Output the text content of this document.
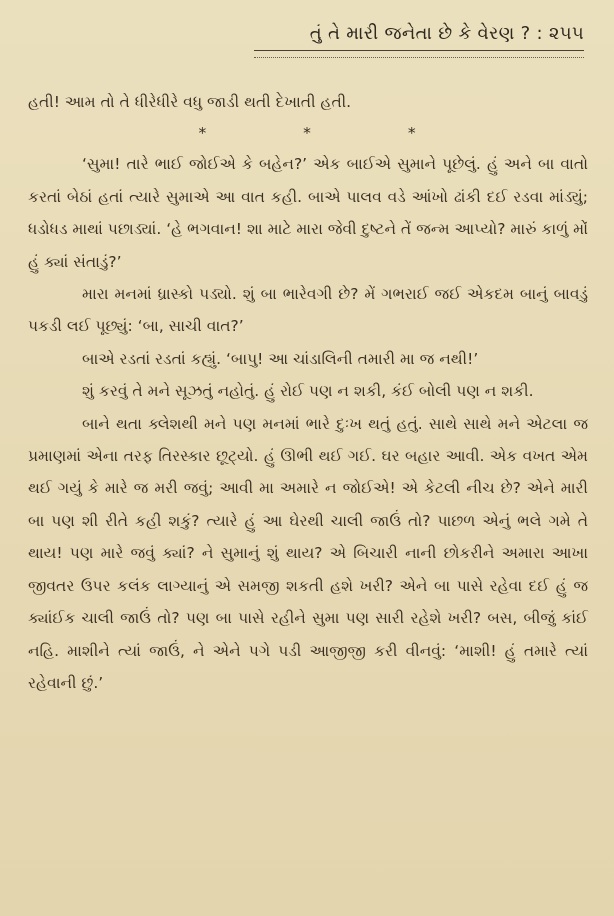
તું તે મારી જનેતા છે કે વેરણ ? : ૨૫૫

હતી! આમ તો તે ધીરેધીરે વધુ જાડી થતી દેખાતી હતી.

*	*	*

‘સુમા! તારે ભાઈ જોઈએ કે બહેન?’ એક બાઈએ સુમાને પૂછેલું. હું અને બા વાતો કરતાં બેઠાં હતાં ત્યારે સુમાએ આ વાત કહી. બાએ પાલવ વડે આંખો ઢાંકી દઈ રડવા માંડ્યું; ધડોધડ માથાં પછાડ્યાં. ‘હે ભગવાન! શા માટે મારા જેવી દુષ્ટને તેં જન્મ આપ્યો? મારું કાળું મોં હું ક્યાં સંતાડું?’

મારા મનમાં ધ્રાસ્કો પડ્યો. શું બા ભારેવગી છે? મેં ગભરાઈ જઈ એકદમ બાનું બાવડું પકડી લઈ પૂછ્યું: ‘બા, સાચી વાત?’

બાએ રડતાં રડતાં કહ્યું. ‘બાપુ! આ ચાંડાલિની તમારી મા જ નથી!’

શું કરવું તે મને સૂઝતું નહોતું. હું રોઈ પણ ન શકી, કંઈ બોલી પણ ન શકી.

બાને થતા ક્લેશથી મને પણ મનમાં ભારે દુઃખ થતું હતું. સાથે સાથે મને એટલા જ પ્રમાણમાં એના તરફ તિરસ્કાર છૂટ્યો. હું ઊભી થઈ ગઈ. ઘર બહાર આવી. એક વખત એમ થઈ ગયું કે મારે જ મરી જવું; આવી મા અમારે ન જોઈએ! એ કેટલી નીચ છે? એને મારી બા પણ શી રીતે કહી શકું? ત્યારે હું આ ઘેરથી ચાલી જાઉં તો? પાછળ એનું ભલે ગમે તે થાય! પણ મારે જવું ક્યાં? ને સુમાનું શું થાય? એ બિચારી નાની છોકરીને અમારા આખા જીવતર ઉપર કલંક લાગ્યાનું એ સમજી શકતી હશે ખરી? એને બા પાસે રહેવા દઈ હું જ ક્યાંઈક ચાલી જાઉં તો? પણ બા પાસે રહીને સુમા પણ સારી રહેશે ખરી? બસ, બીજું કાંઈ નહિ. માશીને ત્યાં જાઉં, ને એને પગે પડી આજીજી કરી વીનવું: ‘માશી! હું તમારે ત્યાં રહેવાની છું.’
